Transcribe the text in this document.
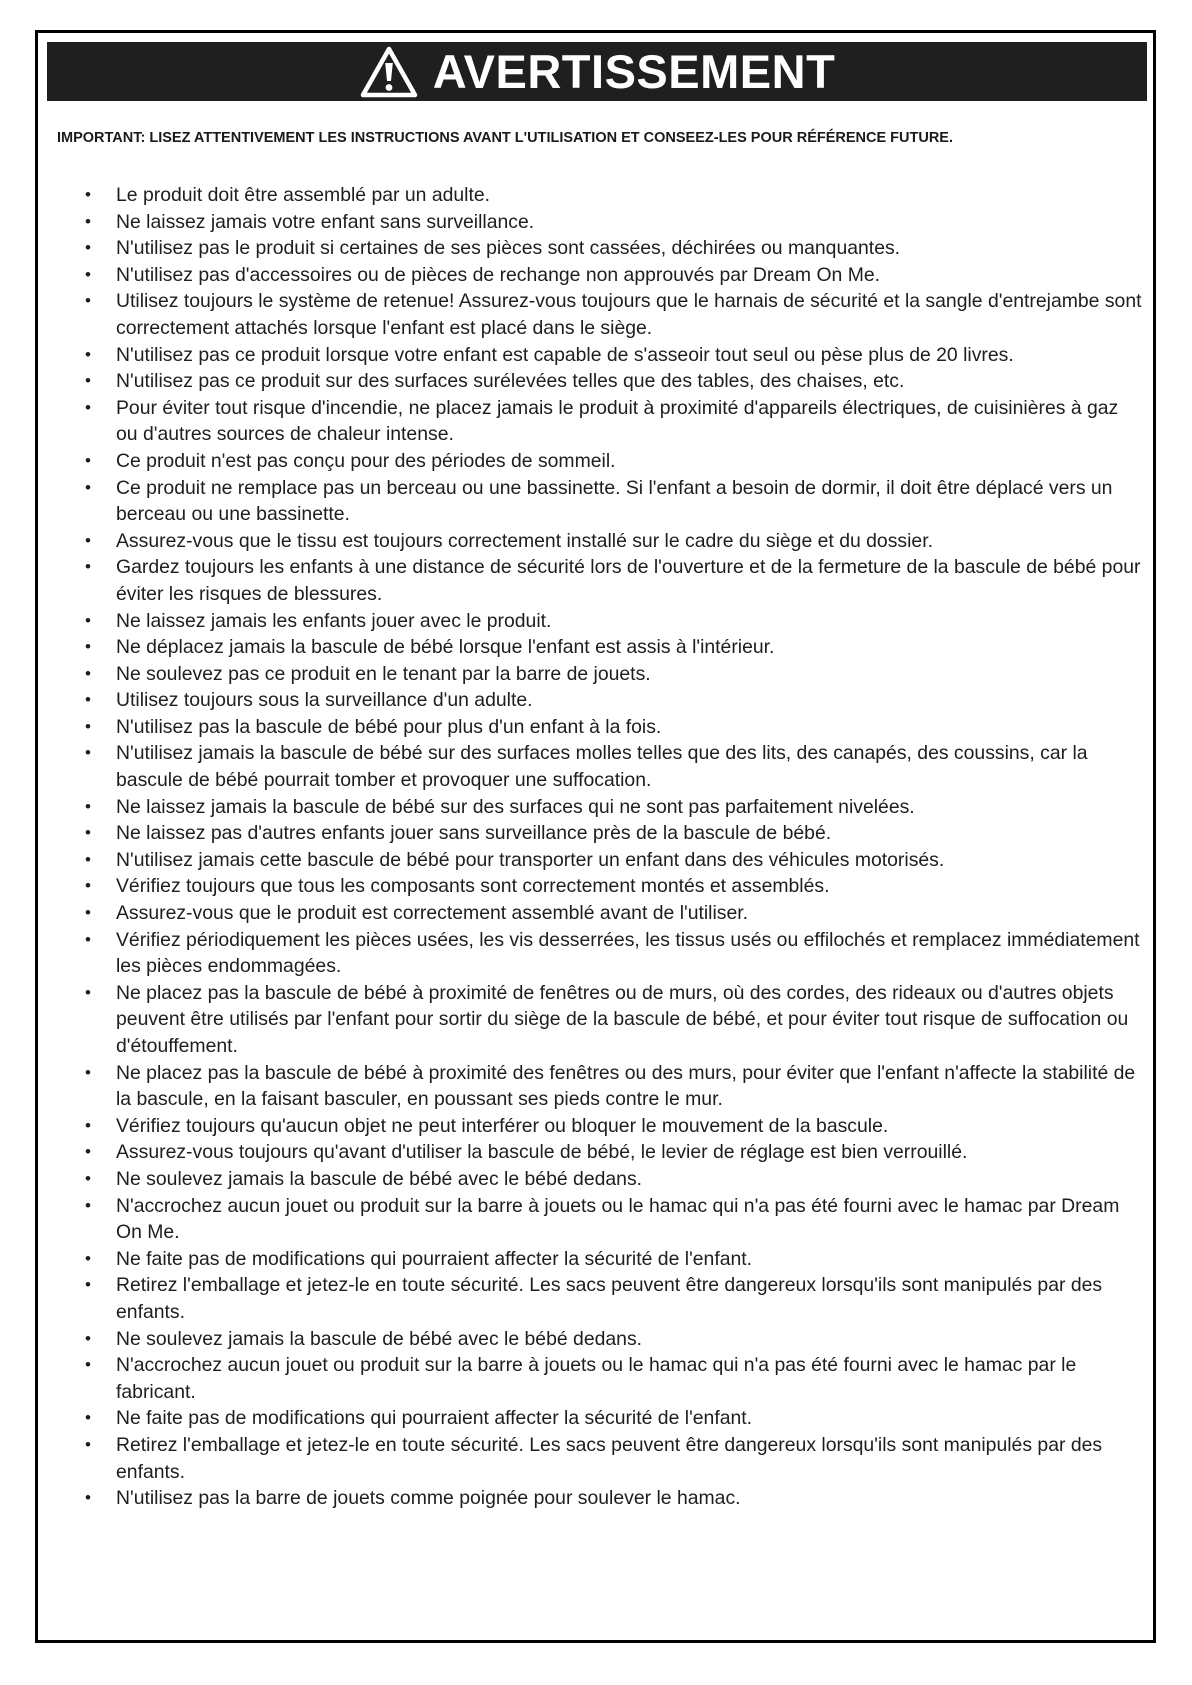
AVERTISSEMENT
IMPORTANT: LISEZ ATTENTIVEMENT LES INSTRUCTIONS AVANT L'UTILISATION ET CONSEEZ-LES POUR RÉFÉRENCE FUTURE.
• Le produit doit être assemblé par un adulte.
• Ne laissez jamais votre enfant sans surveillance.
• N'utilisez pas le produit si certaines de ses pièces sont cassées, déchirées ou manquantes.
• N'utilisez pas d'accessoires ou de pièces de rechange non approuvés par Dream On Me.
• Utilisez toujours le système de retenue! Assurez-vous toujours que le harnais de sécurité et la sangle d'entrejambe sont correctement attachés lorsque l'enfant est placé dans le siège.
• N'utilisez pas ce produit lorsque votre enfant est capable de s'asseoir tout seul ou pèse plus de 20 livres.
• N'utilisez pas ce produit sur des surfaces surélevées telles que des tables, des chaises, etc.
• Pour éviter tout risque d'incendie, ne placez jamais le produit à proximité d'appareils électriques, de cuisinières à gaz ou d'autres sources de chaleur intense.
• Ce produit n'est pas conçu pour des périodes de sommeil.
• Ce produit ne remplace pas un berceau ou une bassinette. Si l'enfant a besoin de dormir, il doit être déplacé vers un berceau ou une bassinette.
• Assurez-vous que le tissu est toujours correctement installé sur le cadre du siège et du dossier.
• Gardez toujours les enfants à une distance de sécurité lors de l'ouverture et de la fermeture de la bascule de bébé pour éviter les risques de blessures.
• Ne laissez jamais les enfants jouer avec le produit.
• Ne déplacez jamais la bascule de bébé lorsque l'enfant est assis à l'intérieur.
• Ne soulevez pas ce produit en le tenant par la barre de jouets.
• Utilisez toujours sous la surveillance d'un adulte.
• N'utilisez pas la bascule de bébé pour plus d'un enfant à la fois.
• N'utilisez jamais la bascule de bébé sur des surfaces molles telles que des lits, des canapés, des coussins, car la bascule de bébé pourrait tomber et provoquer une suffocation.
• Ne laissez jamais la bascule de bébé sur des surfaces qui ne sont pas parfaitement nivelées.
• Ne laissez pas d'autres enfants jouer sans surveillance près de la bascule de bébé.
• N'utilisez jamais cette bascule de bébé pour transporter un enfant dans des véhicules motorisés.
• Vérifiez toujours que tous les composants sont correctement montés et assemblés.
• Assurez-vous que le produit est correctement assemblé avant de l'utiliser.
• Vérifiez périodiquement les pièces usées, les vis desserrées, les tissus usés ou effilochés et remplacez immédiatement les pièces endommagées.
• Ne placez pas la bascule de bébé à proximité de fenêtres ou de murs, où des cordes, des rideaux ou d'autres objets peuvent être utilisés par l'enfant pour sortir du siège de la bascule de bébé, et pour éviter tout risque de suffocation ou d'étouffement.
• Ne placez pas la bascule de bébé à proximité des fenêtres ou des murs, pour éviter que l'enfant n'affecte la stabilité de la bascule, en la faisant basculer, en poussant ses pieds contre le mur.
• Vérifiez toujours qu'aucun objet ne peut interférer ou bloquer le mouvement de la bascule.
• Assurez-vous toujours qu'avant d'utiliser la bascule de bébé, le levier de réglage est bien verrouillé.
• Ne soulevez jamais la bascule de bébé avec le bébé dedans.
• N'accrochez aucun jouet ou produit sur la barre à jouets ou le hamac qui n'a pas été fourni avec le hamac par Dream On Me.
• Ne faite pas de modifications qui pourraient affecter la sécurité de l'enfant.
• Retirez l'emballage et jetez-le en toute sécurité. Les sacs peuvent être dangereux lorsqu'ils sont manipulés par des enfants.
• Ne soulevez jamais la bascule de bébé avec le bébé dedans.
• N'accrochez aucun jouet ou produit sur la barre à jouets ou le hamac qui n'a pas été fourni avec le hamac par le fabricant.
• Ne faite pas de modifications qui pourraient affecter la sécurité de l'enfant.
• Retirez l'emballage et jetez-le en toute sécurité. Les sacs peuvent être dangereux lorsqu'ils sont manipulés par des enfants.
• N'utilisez pas la barre de jouets comme poignée pour soulever le hamac.
